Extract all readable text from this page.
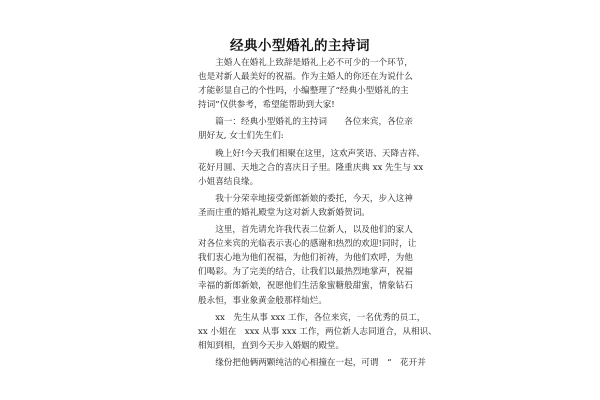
经典小型婚礼的主持词
　　主婚人在婚礼上致辞是婚礼上必不可少的一个环节，
也是对新人最美好的祝福。作为主婚人的你还在为说什么
才能彰显自己的个性吗，小编整理了“经典小型婚礼的主
持词”仅供参考，希望能帮助到大家!
　　篇一：经典小型婚礼的主持词　　各位来宾，各位亲
朋好友, 女士们先生们:
　　晚上好!今天我们相聚在这里，这欢声笑语、天降吉祥、
花好月圆、天地之合的喜庆日子里。隆重庆典 xx 先生与 xx
小姐喜结良缘。
　　我十分荣幸地接受新郎新娘的委托，今天，步入这神
圣而庄重的婚礼殿堂为这对新人致新婚贺词。
　　这里，首先请允许我代表二位新人，以及他们的家人
对各位来宾的光临表示衷心的感谢和热烈的欢迎!同时，让
我们衷心地为他们祝福，为他们祈祷，为他们欢呼，为他
们喝彩。为了完美的结合，让我们以最热烈地掌声，祝福
幸福的新郎新娘，祝愿他们生活象蜜糖般甜蜜，情象钻石
般永恒，事业象黄金般那样灿烂。
　　xx　先生从事 xxx 工作，各位来宾，一名优秀的员工，
xx 小姐在　xxx 从事 xxx 工作，两位新人志同道合，从相识、
相知到相，直到今天步入婚姻的殿堂。
　　缘份把他俩两颗纯洁的心相撞在一起，可谓　“　花开并
